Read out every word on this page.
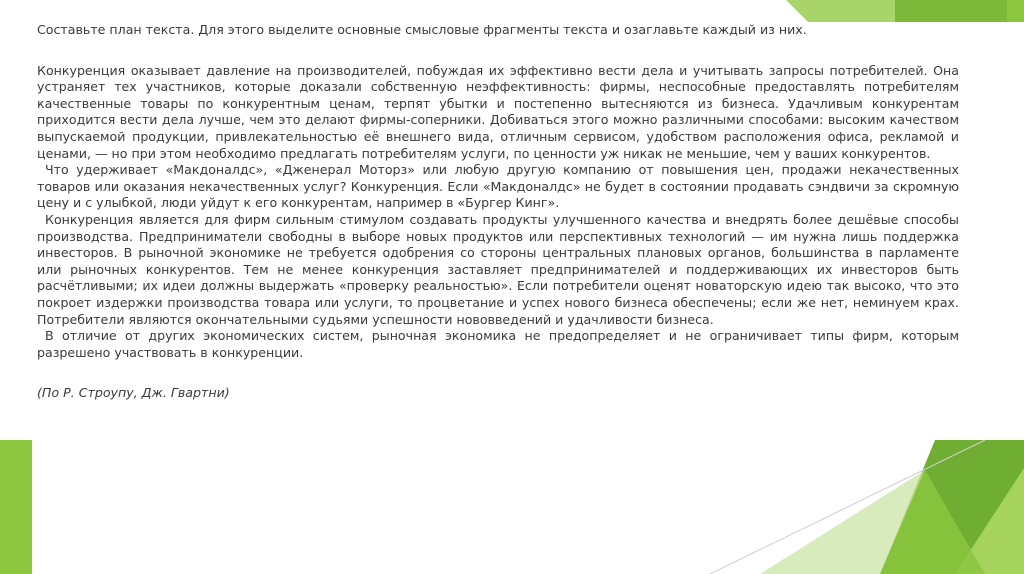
Составьте план текста. Для этого выделите основные смысловые фрагменты текста и озаглавьте каждый из них.

Конкуренция оказывает давление на производителей, побуждая их эффективно вести дела и учитывать запросы потребителей. Она устраняет тех участников, которые доказали собственную неэффективность: фирмы, неспособные предоставлять потребителям качественные товары по конкурентным ценам, терпят убытки и постепенно вытесняются из бизнеса. Удачливым конкурентам приходится вести дела лучше, чем это делают фирмы-соперники. Добиваться этого можно различными способами: высоким качеством выпускаемой продукции, привлекательностью её внешнего вида, отличным сервисом, удобством расположения офиса, рекламой и ценами, — но при этом необходимо предлагать потребителям услуги, по ценности уж никак не меньшие, чем у ваших конкурентов.

Что удерживает «Макдоналдс», «Дженерал Моторз» или любую другую компанию от повышения цен, продажи некачественных товаров или оказания некачественных услуг? Конкуренция. Если «Макдоналдс» не будет в состоянии продавать сэндвичи за скромную цену и с улыбкой, люди уйдут к его конкурентам, например в «Бургер Кинг».

Конкуренция является для фирм сильным стимулом создавать продукты улучшенного качества и внедрять более дешёвые способы производства. Предприниматели свободны в выборе новых продуктов или перспективных технологий — им нужна лишь поддержка инвесторов. В рыночной экономике не требуется одобрения со стороны центральных плановых органов, большинства в парламенте или рыночных конкурентов. Тем не менее конкуренция заставляет предпринимателей и поддерживающих их инвесторов быть расчётливыми; их идеи должны выдержать «проверку реальностью». Если потребители оценят новаторскую идею так высоко, что это покроет издержки производства товара или услуги, то процветание и успех нового бизнеса обеспечены; если же нет, неминуем крах. Потребители являются окончательными судьями успешности нововведений и удачливости бизнеса.

В отличие от других экономических систем, рыночная экономика не предопределяет и не ограничивает типы фирм, которым разрешено участвовать в конкуренции.

(По Р. Строупу, Дж. Гвартни)
